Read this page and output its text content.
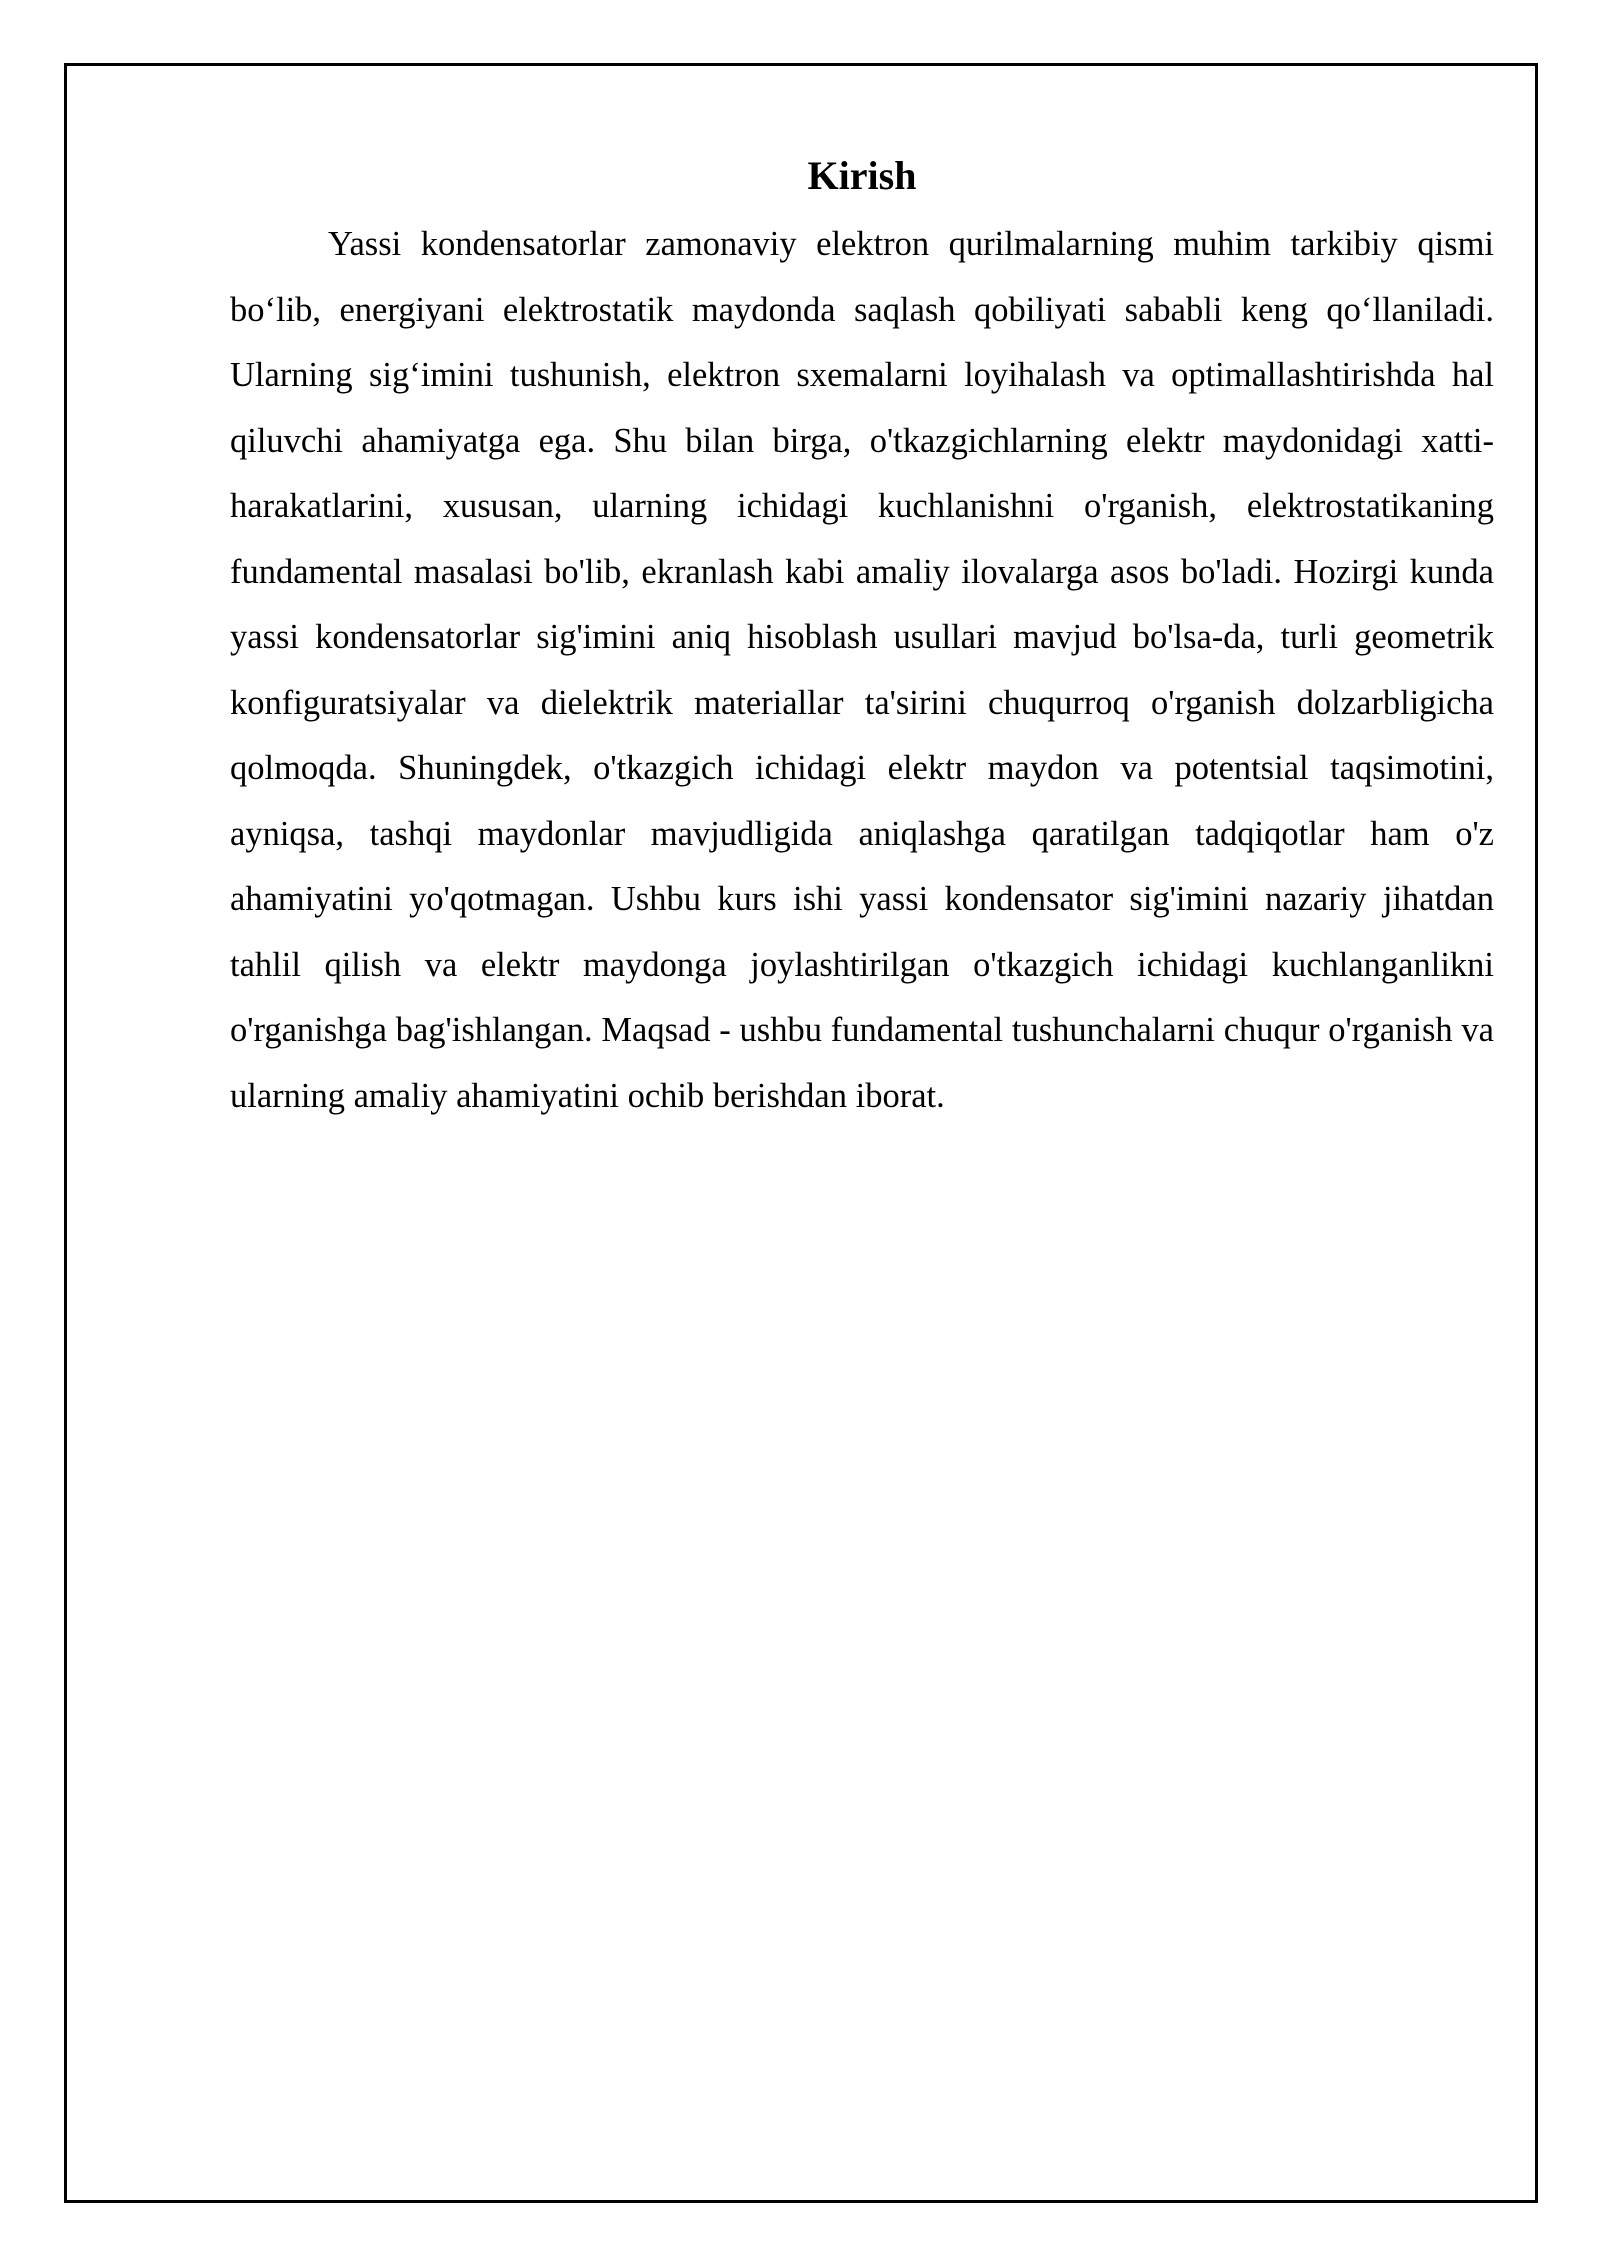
Kirish

Yassi kondensatorlar zamonaviy elektron qurilmalarning muhim tarkibiy qismi bo‘lib, energiyani elektrostatik maydonda saqlash qobiliyati sababli keng qo‘llaniladi. Ularning sig‘imini tushunish, elektron sxemalarni loyihalash va optimallashtirishda hal qiluvchi ahamiyatga ega. Shu bilan birga, o'tkazgichlarning elektr maydonidagi xatti-harakatlarini, xususan, ularning ichidagi kuchlanishni o'rganish, elektrostatikaning fundamental masalasi bo'lib, ekranlash kabi amaliy ilovalarga asos bo'ladi. Hozirgi kunda yassi kondensatorlar sig'imini aniq hisoblash usullari mavjud bo'lsa-da, turli geometrik konfiguratsiyalar va dielektrik materiallar ta'sirini chuqurroq o'rganish dolzarbligicha qolmoqda. Shuningdek, o'tkazgich ichidagi elektr maydon va potentsial taqsimotini, ayniqsa, tashqi maydonlar mavjudligida aniqlashga qaratilgan tadqiqotlar ham o'z ahamiyatini yo'qotmagan. Ushbu kurs ishi yassi kondensator sig'imini nazariy jihatdan tahlil qilish va elektr maydonga joylashtirilgan o'tkazgich ichidagi kuchlanganlikni o'rganishga bag'ishlangan. Maqsad - ushbu fundamental tushunchalarni chuqur o'rganish va ularning amaliy ahamiyatini ochib berishdan iborat.
